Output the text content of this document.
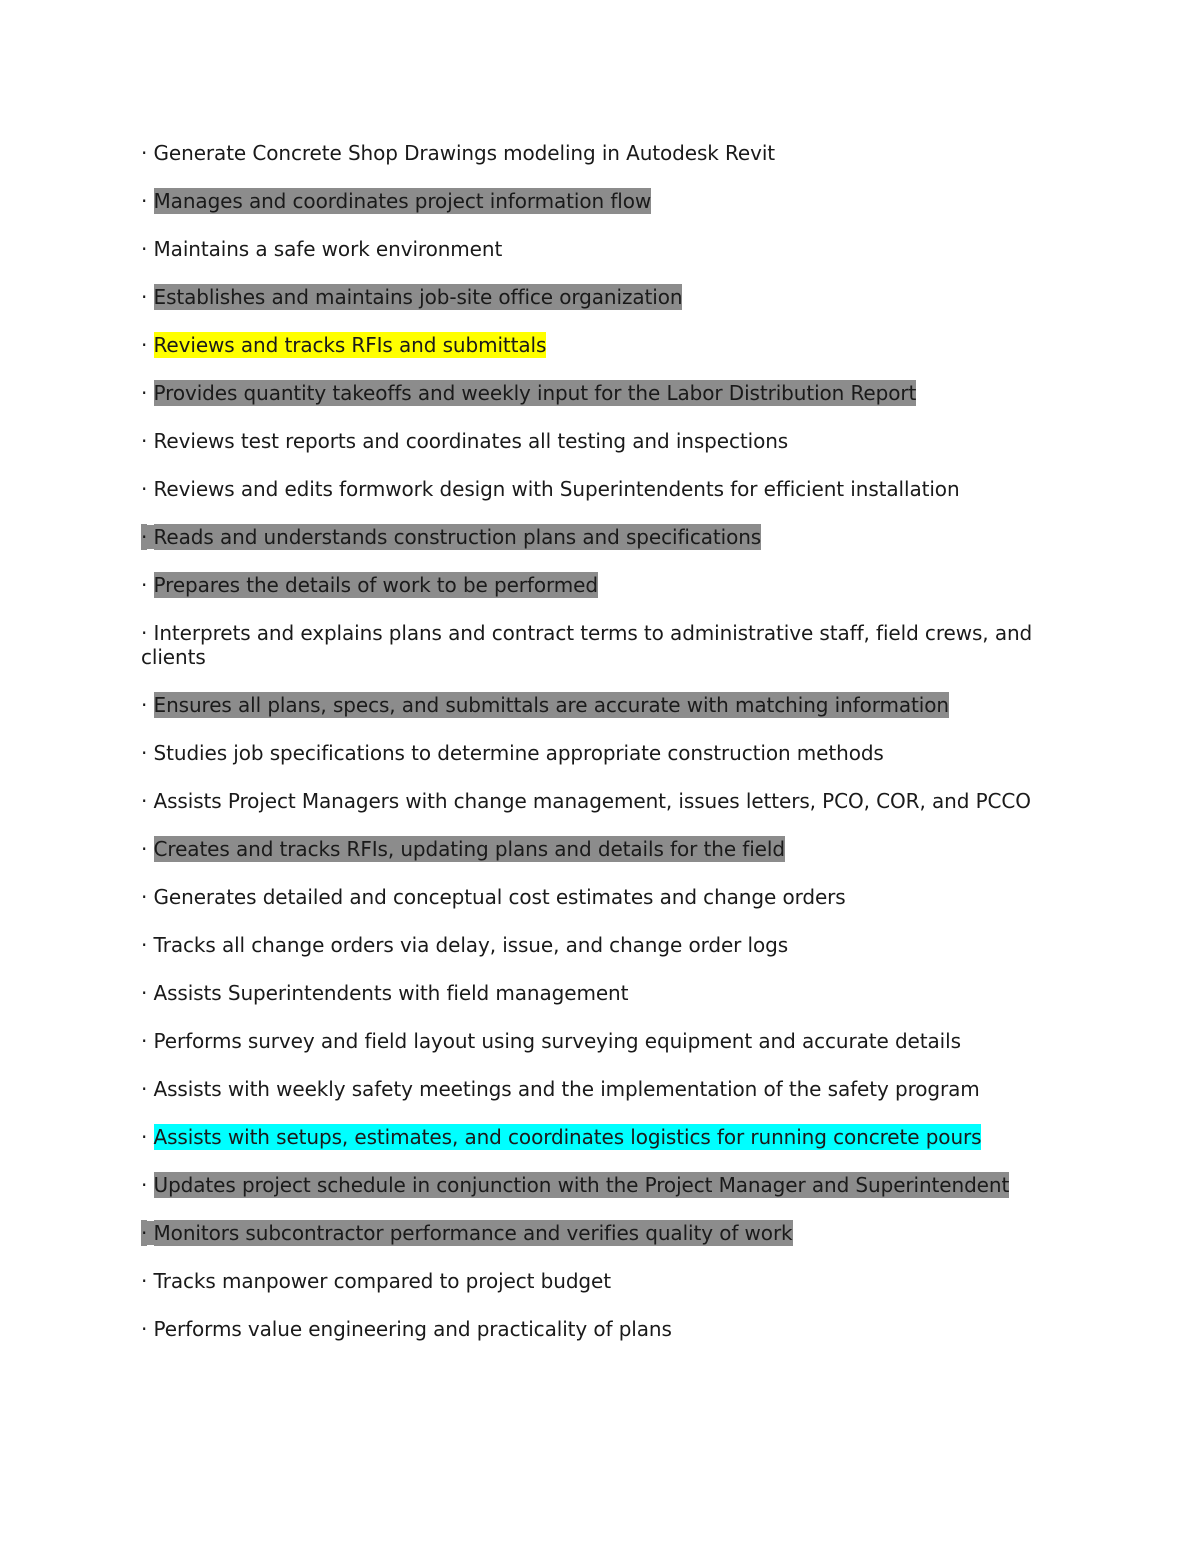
· Generate Concrete Shop Drawings modeling in Autodesk Revit

· Manages and coordinates project information flow

· Maintains a safe work environment

· Establishes and maintains job-site office organization

· Reviews and tracks RFIs and submittals

· Provides quantity takeoffs and weekly input for the Labor Distribution Report

· Reviews test reports and coordinates all testing and inspections

· Reviews and edits formwork design with Superintendents for efficient installation

· Reads and understands construction plans and specifications

· Prepares the details of work to be performed

· Interprets and explains plans and contract terms to administrative staff, field crews, and clients

· Ensures all plans, specs, and submittals are accurate with matching information

· Studies job specifications to determine appropriate construction methods

· Assists Project Managers with change management, issues letters, PCO, COR, and PCCO

· Creates and tracks RFIs, updating plans and details for the field

· Generates detailed and conceptual cost estimates and change orders

· Tracks all change orders via delay, issue, and change order logs

· Assists Superintendents with field management

· Performs survey and field layout using surveying equipment and accurate details

· Assists with weekly safety meetings and the implementation of the safety program

· Assists with setups, estimates, and coordinates logistics for running concrete pours

· Updates project schedule in conjunction with the Project Manager and Superintendent

· Monitors subcontractor performance and verifies quality of work

· Tracks manpower compared to project budget

· Performs value engineering and practicality of plans
